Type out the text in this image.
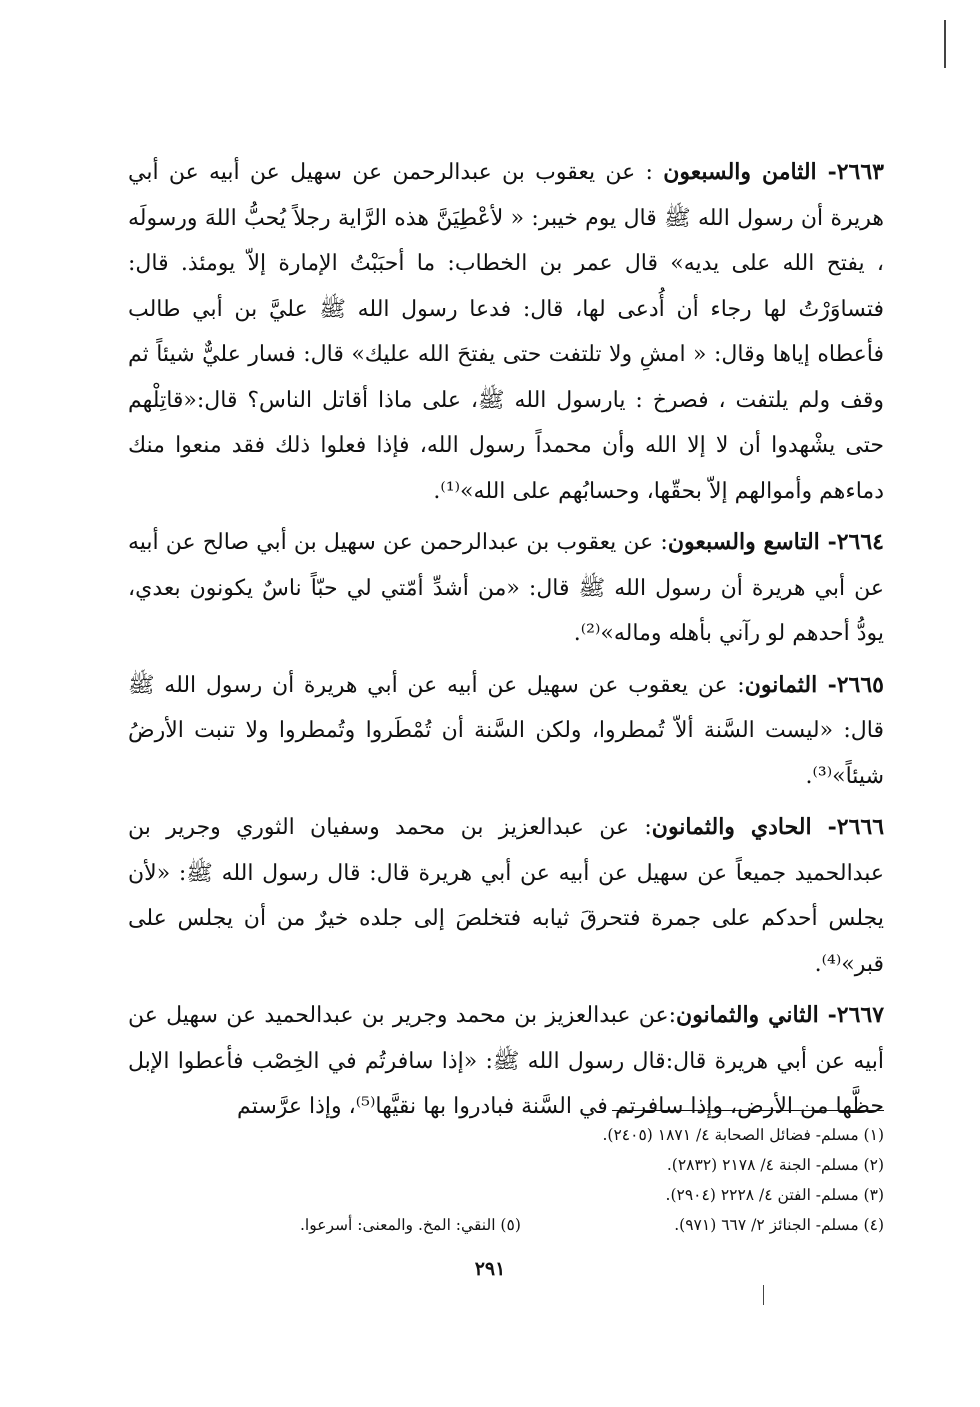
٢٦٦٣- الثامن والسبعون : عن يعقوب بن عبدالرحمن عن سهيل عن أبيه عن أبي هريرة أن رسول الله ﷺ قال يوم خيبر: « لأعْطِيَنَّ هذه الرَّاية رجلاً يُحبُّ اللهَ ورسولَه ، يفتح الله على يديه» قال عمر بن الخطاب: ما أحبَبْتُ الإمارة إلاّ يومئذ. قال: فتساوَرْتُ لها رجاء أن أُدعى لها، قال: فدعا رسول الله ﷺ عليَّ بن أبي طالب فأعطاه إياها وقال: « امشِ ولا تلتفت حتى يفتحَ الله عليك» قال: فسار عليٌّ شيئاً ثم وقف ولم يلتفت ، فصرخ : يارسول الله ﷺ، على ماذا أقاتل الناس؟ قال:«قاتِلْهم حتى يشْهدوا أن لا إلا الله وأن محمداً رسول الله، فإذا فعلوا ذلك فقد منعوا منك دماءهم وأموالهم إلاّ بحقّها، وحسابُهم على الله»⁽¹⁾.

٢٦٦٤- التاسع والسبعون: عن يعقوب بن عبدالرحمن عن سهيل بن أبي صالح عن أبيه عن أبي هريرة أن رسول الله ﷺ قال: «من أشدِّ أمّتي لي حبّاً ناسٌ يكونون بعدي، يودُّ أحدهم لو رآني بأهله وماله»⁽²⁾.

٢٦٦٥- الثمانون: عن يعقوب عن سهيل عن أبيه عن أبي هريرة أن رسول الله ﷺ قال: «ليست السَّنة ألاّ تُمطروا، ولكن السَّنة أن تُمْطَروا وتُمطروا ولا تنبت الأرضُ شيئاً»⁽³⁾.

٢٦٦٦- الحادي والثمانون: عن عبدالعزيز بن محمد وسفيان الثوري وجرير بن عبدالحميد جميعاً عن سهيل عن أبيه عن أبي هريرة قال: قال رسول الله ﷺ: «لأن يجلس أحدكم على جمرة فتحرقَ ثيابه فتخلصَ إلى جلده خيرٌ من أن يجلس على قبر»⁽⁴⁾.

٢٦٦٧- الثاني والثمانون:عن عبدالعزيز بن محمد وجرير بن عبدالحميد عن سهيل عن أبيه عن أبي هريرة قال:قال رسول الله ﷺ: «إذا سافرتُم في الخِصْب فأعطوا الإبل حظَّها من الأرض، وإذا سافرتم في السَّنة فبادروا بها نقيَّها⁽⁵⁾، وإذا عرَّستم

(١) مسلم- فضائل الصحابة ٤/ ١٨٧١ (٢٤٠٥).
(٢) مسلم- الجنة ٤/ ٢١٧٨ (٢٨٣٢).
(٣) مسلم- الفتن ٤/ ٢٢٢٨ (٢٩٠٤).
(٤) مسلم- الجنائز ٢/ ٦٦٧ (٩٧١).
(٥) النقي: المخ. والمعنى: أسرعوا.
٢٩١
